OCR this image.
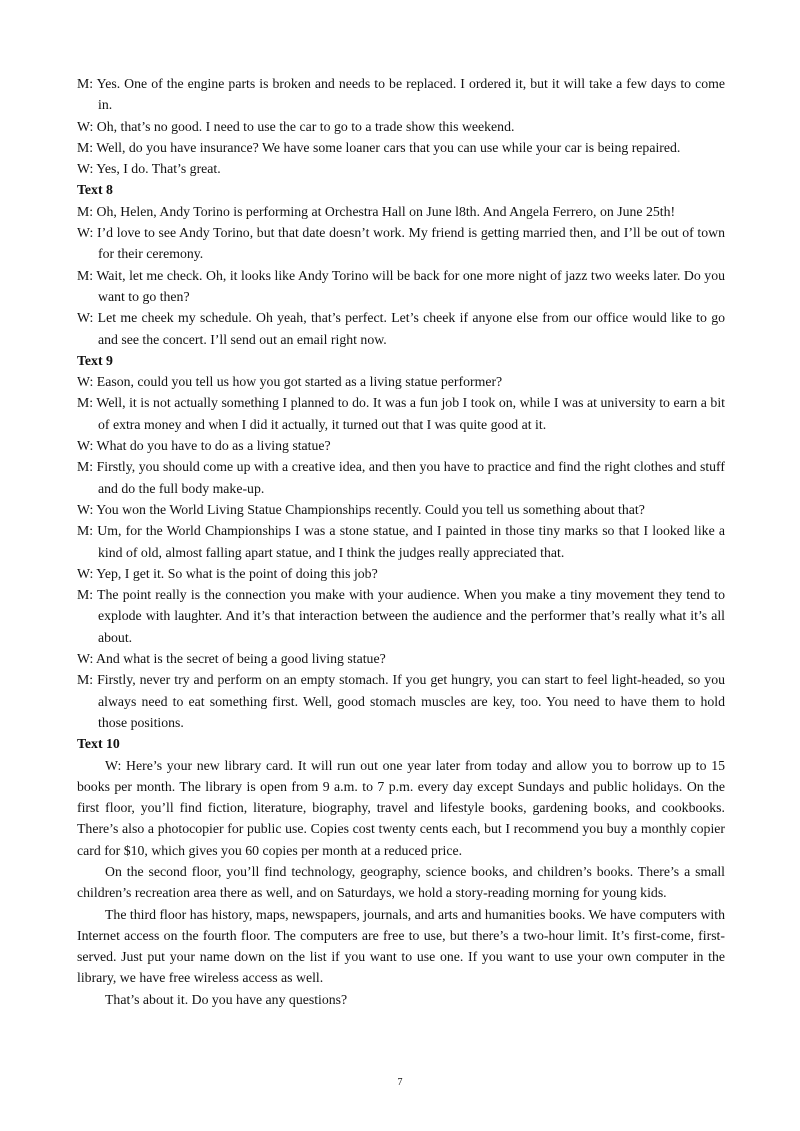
M: Yes. One of the engine parts is broken and needs to be replaced. I ordered it, but it will take a few days to come in.

W: Oh, that’s no good. I need to use the car to go to a trade show this weekend.

M: Well, do you have insurance? We have some loaner cars that you can use while your car is being repaired.

W: Yes, I do. That’s great.

Text 8

M: Oh, Helen, Andy Torino is performing at Orchestra Hall on June l8th. And Angela Ferrero, on June 25th!

W: I’d love to see Andy Torino, but that date doesn’t work. My friend is getting married then, and I’ll be out of town for their ceremony.

M: Wait, let me check. Oh, it looks like Andy Torino will be back for one more night of jazz two weeks later. Do you want to go then?

W: Let me cheek my schedule. Oh yeah, that’s perfect. Let’s cheek if anyone else from our office would like to go and see the concert. I’ll send out an email right now.

Text 9

W: Eason, could you tell us how you got started as a living statue performer?

M: Well, it is not actually something I planned to do. It was a fun job I took on, while I was at university to earn a bit of extra money and when I did it actually, it turned out that I was quite good at it.

W: What do you have to do as a living statue?

M: Firstly, you should come up with a creative idea, and then you have to practice and find the right clothes and stuff and do the full body make-up.

W: You won the World Living Statue Championships recently. Could you tell us something about that?

M: Um, for the World Championships I was a stone statue, and I painted in those tiny marks so that I looked like a kind of old, almost falling apart statue, and I think the judges really appreciated that.

W: Yep, I get it. So what is the point of doing this job?

M: The point really is the connection you make with your audience. When you make a tiny movement they tend to explode with laughter. And it’s that interaction between the audience and the performer that’s really what it’s all about.

W: And what is the secret of being a good living statue?

M: Firstly, never try and perform on an empty stomach. If you get hungry, you can start to feel light-headed, so you always need to eat something first. Well, good stomach muscles are key, too. You need to have them to hold those positions.

Text 10

W: Here’s your new library card. It will run out one year later from today and allow you to borrow up to 15 books per month. The library is open from 9 a.m. to 7 p.m. every day except Sundays and public holidays. On the first floor, you’ll find fiction, literature, biography, travel and lifestyle books, gardening books, and cookbooks. There’s also a photocopier for public use. Copies cost twenty cents each, but I recommend you buy a monthly copier card for $10, which gives you 60 copies per month at a reduced price.

On the second floor, you’ll find technology, geography, science books, and children’s books. There’s a small children’s recreation area there as well, and on Saturdays, we hold a story-reading morning for young kids.

The third floor has history, maps, newspapers, journals, and arts and humanities books. We have computers with Internet access on the fourth floor. The computers are free to use, but there’s a two-hour limit. It’s first-come, first-served. Just put your name down on the list if you want to use one. If you want to use your own computer in the library, we have free wireless access as well.

That’s about it. Do you have any questions?

7
